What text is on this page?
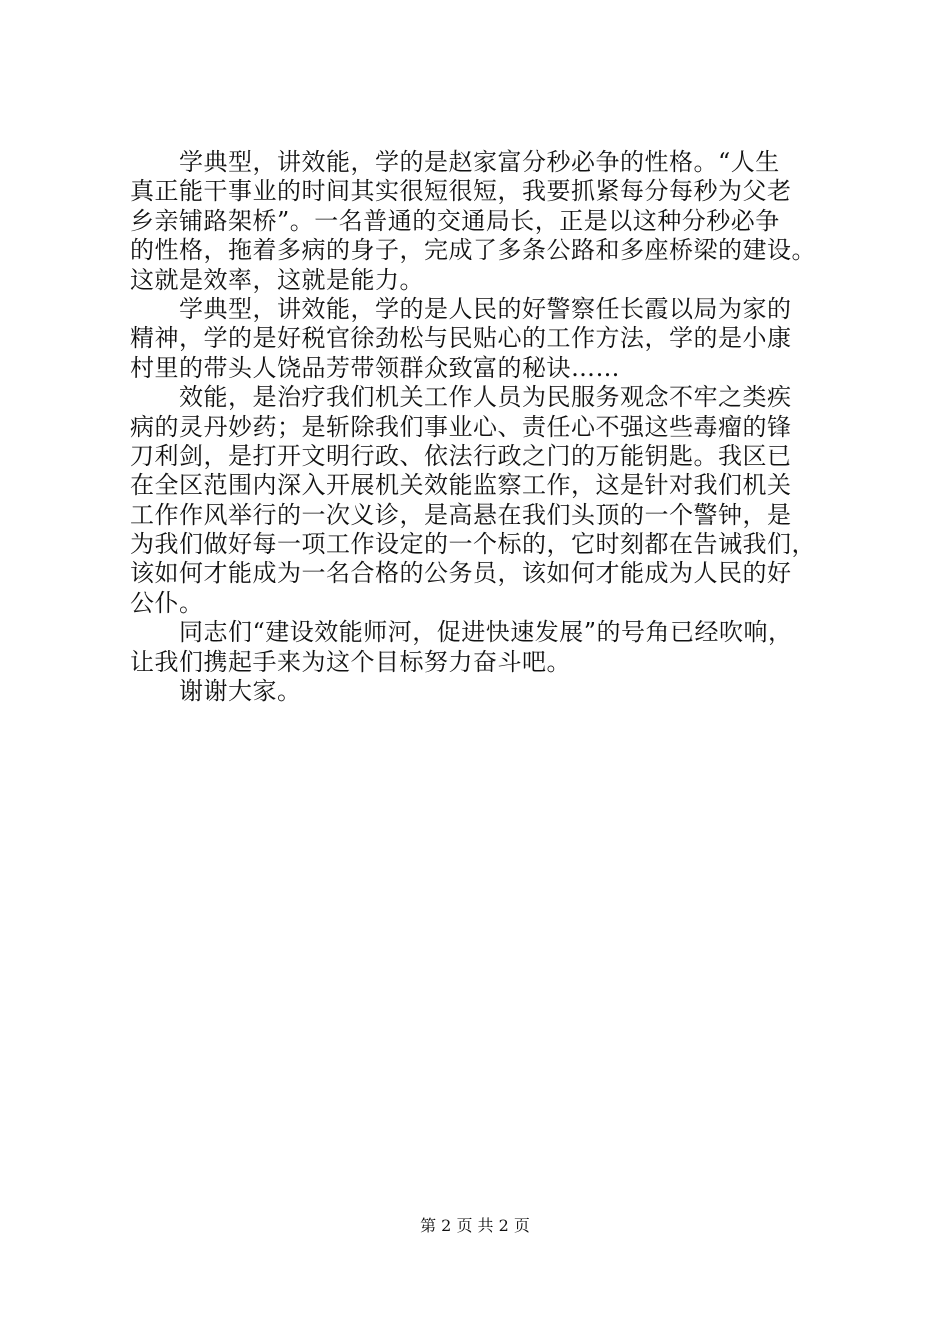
　　学典型，讲效能，学的是赵家富分秒必争的性格。“人生
真正能干事业的时间其实很短很短，我要抓紧每分每秒为父老
乡亲铺路架桥”。一名普通的交通局长，正是以这种分秒必争
的性格，拖着多病的身子，完成了多条公路和多座桥梁的建设。
这就是效率，这就是能力。
　　学典型，讲效能，学的是人民的好警察任长霞以局为家的
精神，学的是好税官徐劲松与民贴心的工作方法，学的是小康
村里的带头人饶品芳带领群众致富的秘诀……
　　效能，是治疗我们机关工作人员为民服务观念不牢之类疾
病的灵丹妙药；是斩除我们事业心、责任心不强这些毒瘤的锋
刀利剑，是打开文明行政、依法行政之门的万能钥匙。我区已
在全区范围内深入开展机关效能监察工作，这是针对我们机关
工作作风举行的一次义诊，是高悬在我们头顶的一个警钟，是
为我们做好每一项工作设定的一个标的，它时刻都在告诫我们，
该如何才能成为一名合格的公务员，该如何才能成为人民的好
公仆。
　　同志们“建设效能师河，促进快速发展”的号角已经吹响，
让我们携起手来为这个目标努力奋斗吧。
　　谢谢大家。
第 2 页 共 2 页
